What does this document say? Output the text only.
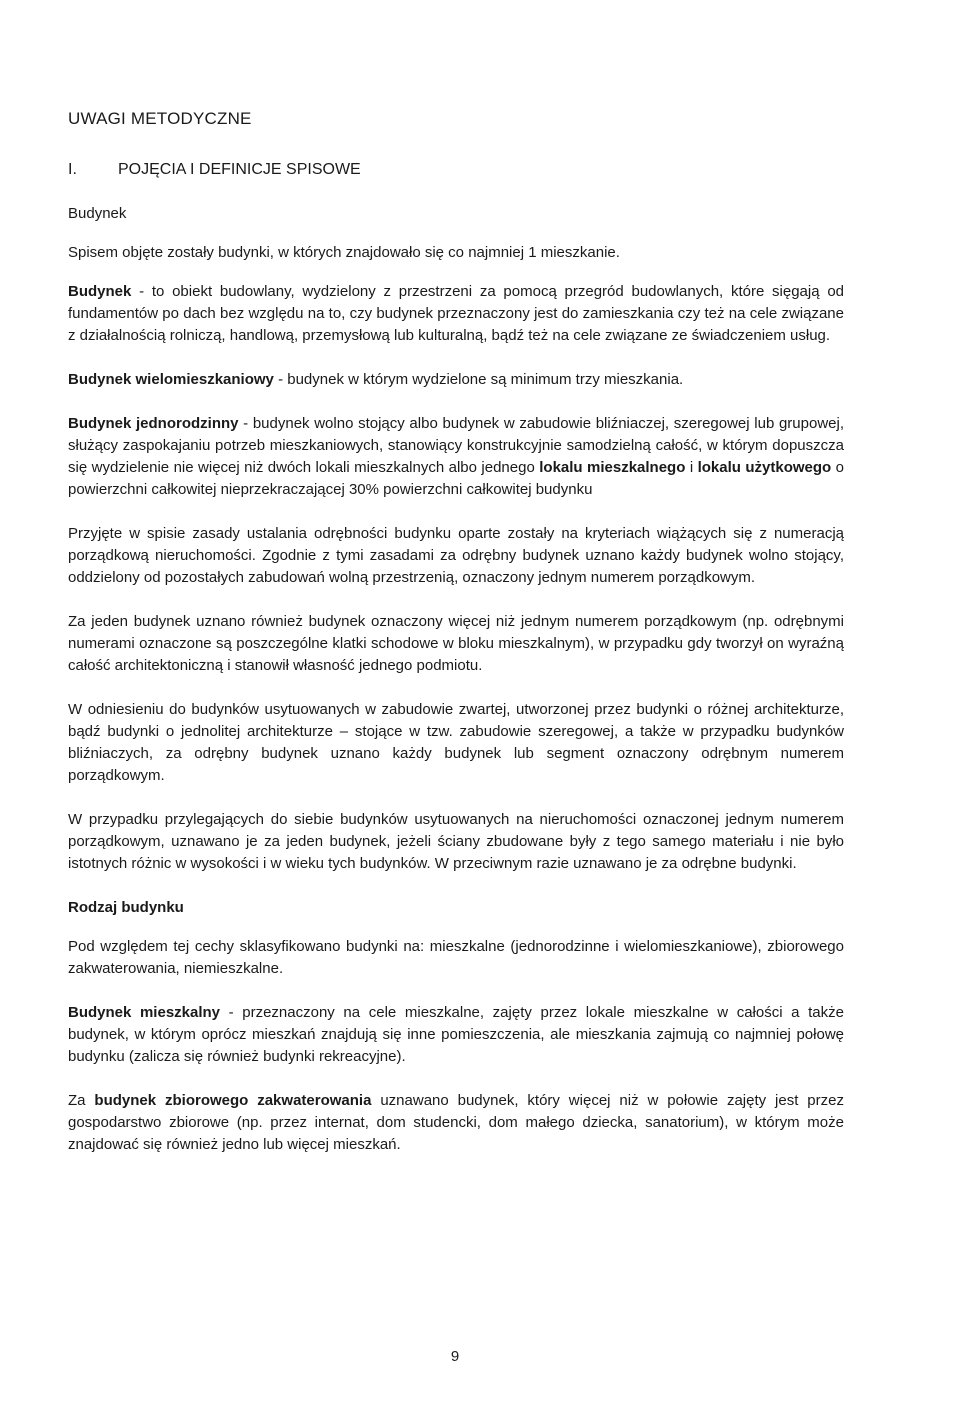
UWAGI METODYCZNE
I.	POJĘCIA I DEFINICJE SPISOWE
Budynek

Spisem objęte zostały budynki, w których znajdowało się co najmniej 1 mieszkanie.

Budynek - to obiekt budowlany, wydzielony z przestrzeni za pomocą przegród budowlanych, które sięgają od fundamentów po dach bez względu na to, czy budynek przeznaczony jest do zamieszkania czy też na cele związane z działalnością rolniczą, handlową, przemysłową lub kulturalną, bądź też na cele związane ze świadczeniem usług.

Budynek wielomieszkaniowy - budynek w którym wydzielone są minimum trzy mieszkania.

Budynek jednorodzinny - budynek wolno stojący albo budynek w zabudowie bliźniaczej, szeregowej lub grupowej, służący zaspokajaniu potrzeb mieszkaniowych, stanowiący konstrukcyjnie samodzielną całość, w którym dopuszcza się wydzielenie nie więcej niż dwóch lokali mieszkalnych albo jednego lokalu mieszkalnego i lokalu użytkowego o powierzchni całkowitej nieprzekraczającej 30% powierzchni całkowitej budynku

Przyjęte w spisie zasady ustalania odrębności budynku oparte zostały na kryteriach wiążących się z numeracją porządkową nieruchomości. Zgodnie z tymi zasadami za odrębny budynek uznano każdy budynek wolno stojący, oddzielony od pozostałych zabudowań wolną przestrzenią, oznaczony jednym numerem porządkowym.

Za jeden budynek uznano również budynek oznaczony więcej niż jednym numerem porządkowym (np. odrębnymi numerami oznaczone są poszczególne klatki schodowe w bloku mieszkalnym), w przypadku gdy tworzył on wyraźną całość architektoniczną i stanowił własność jednego podmiotu.

W odniesieniu do budynków usytuowanych w zabudowie zwartej, utworzonej przez budynki o różnej architekturze, bądź budynki o jednolitej architekturze – stojące w tzw. zabudowie szeregowej, a także w przypadku budynków bliźniaczych, za odrębny budynek uznano każdy budynek lub segment oznaczony odrębnym numerem porządkowym.

W przypadku przylegających do siebie budynków usytuowanych na nieruchomości oznaczonej jednym numerem porządkowym, uznawano je za jeden budynek, jeżeli ściany zbudowane były z tego samego materiału i nie było istotnych różnic w wysokości i w wieku tych budynków. W przeciwnym razie uznawano je za odrębne budynki.

Rodzaj budynku

Pod względem tej cechy sklasyfikowano budynki na: mieszkalne (jednorodzinne i wielomieszkaniowe), zbiorowego zakwaterowania, niemieszkalne.

Budynek mieszkalny - przeznaczony na cele mieszkalne, zajęty przez lokale mieszkalne w całości a także budynek, w którym oprócz mieszkań znajdują się inne pomieszczenia, ale mieszkania zajmują co najmniej połowę budynku (zalicza się również budynki rekreacyjne).

Za budynek zbiorowego zakwaterowania uznawano budynek, który więcej niż w połowie zajęty jest przez gospodarstwo zbiorowe (np. przez internat, dom studencki, dom małego dziecka, sanatorium), w którym może znajdować się również jedno lub więcej mieszkań.

9
